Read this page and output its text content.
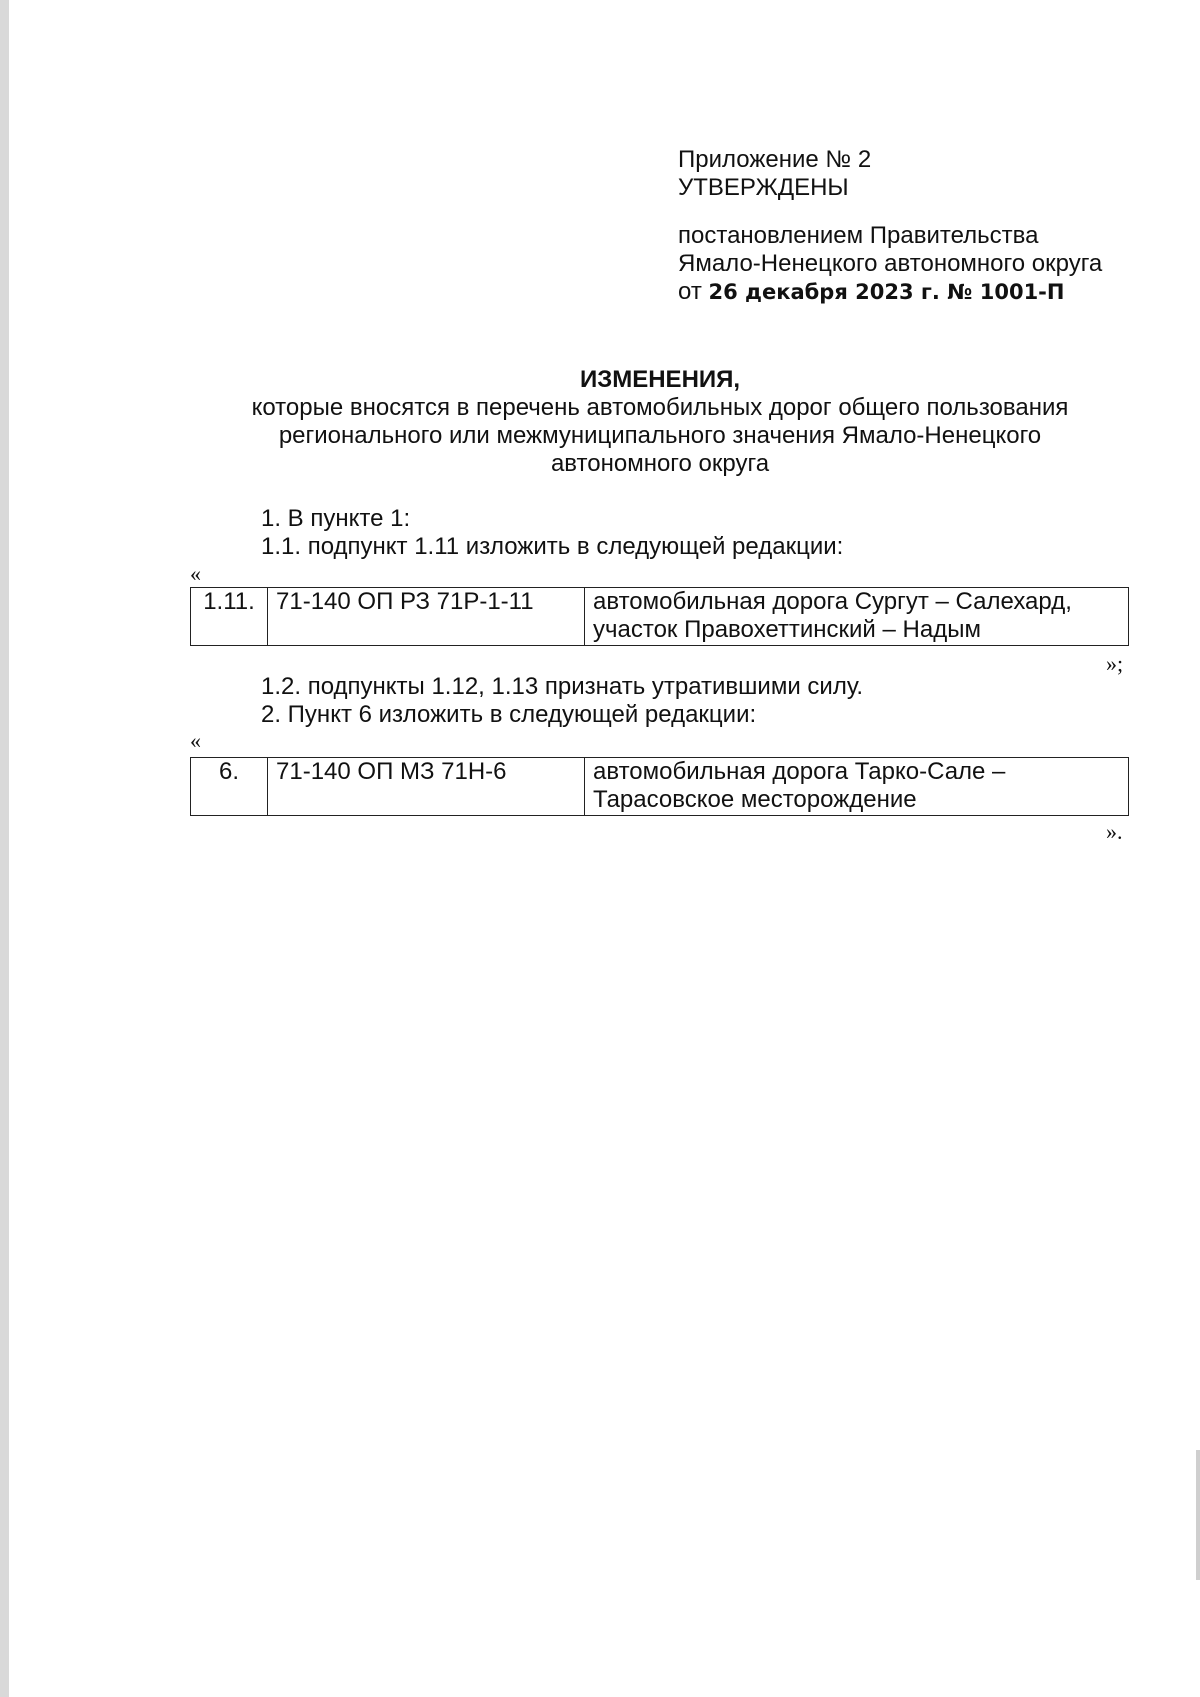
Приложение № 2
УТВЕРЖДЕНЫ
постановлением Правительства
Ямало-Ненецкого автономного округа
от 26 декабря 2023 г. № 1001-П
ИЗМЕНЕНИЯ,
которые вносятся в перечень автомобильных дорог общего пользования
регионального или межмуниципального значения Ямало-Ненецкого
автономного округа
1. В пункте 1:
1.1. подпункт 1.11 изложить в следующей редакции:
«
1.11.	71-140 ОП РЗ 71Р-1-11	автомобильная дорога Сургут – Салехард,
участок Правохеттинский – Надым
»;
1.2. подпункты 1.12, 1.13 признать утратившими силу.
2. Пункт 6 изложить в следующей редакции:
«
6.	71-140 ОП МЗ 71Н-6	автомобильная дорога Тарко-Сале –
Тарасовское месторождение
».
